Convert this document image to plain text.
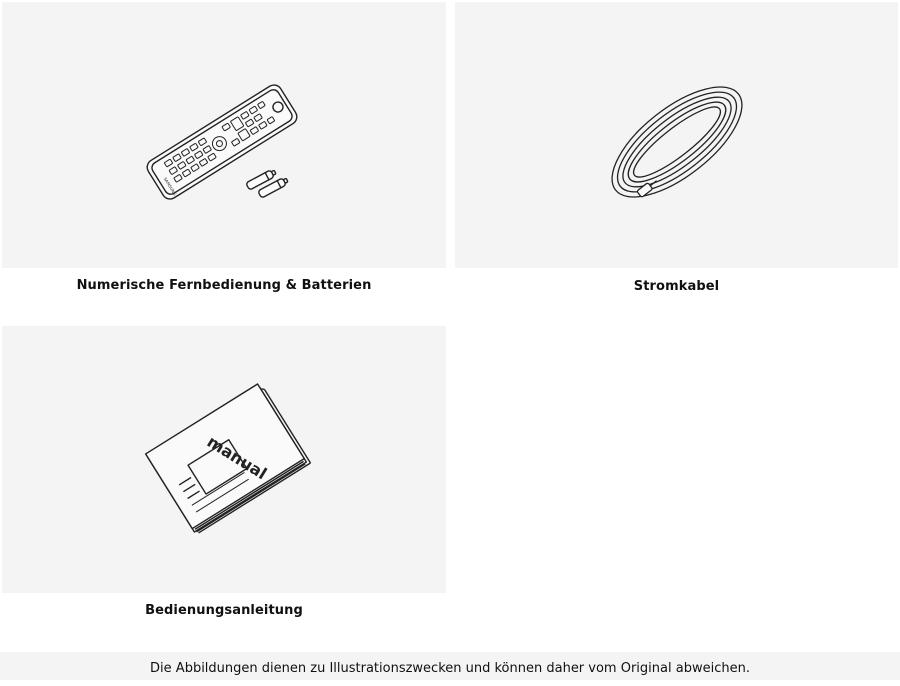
SAMSUNG
Numerische Fernbedienung & Batterien	Stromkabel
manual
Bedienungsanleitung
Die Abbildungen dienen zu Illustrationszwecken und können daher vom Original abweichen.
